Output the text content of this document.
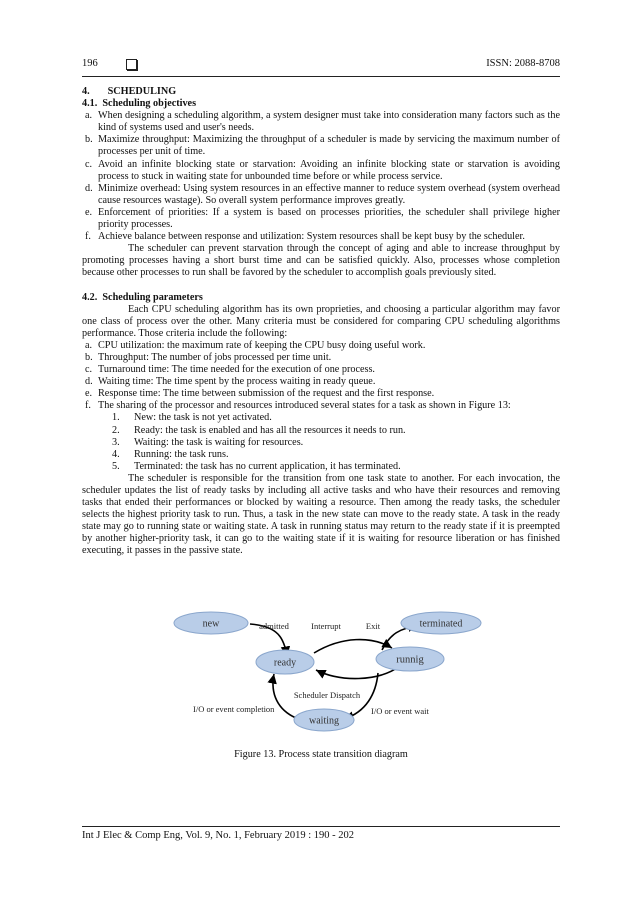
196	ISSN: 2088-8708

4. SCHEDULING

4.1. Scheduling objectives

a. When designing a scheduling algorithm, a system designer must take into consideration many factors such as the kind of systems used and user's needs.

b. Maximize throughput: Maximizing the throughput of a scheduler is made by servicing the maximum number of processes per unit of time.

c. Avoid an infinite blocking state or starvation: Avoiding an infinite blocking state or starvation is avoiding process to stuck in waiting state for unbounded time before or while process service.

d. Minimize overhead: Using system resources in an effective manner to reduce system overhead (system overhead cause resources wastage). So overall system performance improves greatly.

e. Enforcement of priorities: If a system is based on processes priorities, the scheduler shall privilege higher priority processes.

f. Achieve balance between response and utilization: System resources shall be kept busy by the scheduler.

The scheduler can prevent starvation through the concept of aging and able to increase throughput by promoting processes having a short burst time and can be satisfied quickly. Also, processes whose completion because other processes to run shall be favored by the scheduler to accomplish goals previously sited.

4.2. Scheduling parameters

Each CPU scheduling algorithm has its own proprieties, and choosing a particular algorithm may favor one class of process over the other. Many criteria must be considered for comparing CPU scheduling algorithms performance. Those criteria include the following:

a. CPU utilization: the maximum rate of keeping the CPU busy doing useful work.

b. Throughput: The number of jobs processed per time unit.

c. Turnaround time: The time needed for the execution of one process.

d. Waiting time: The time spent by the process waiting in ready queue.

e. Response time: The time between submission of the request and the first response.

f. The sharing of the processor and resources introduced several states for a task as shown in Figure 13:

1. New: the task is not yet activated.

2. Ready: the task is enabled and has all the resources it needs to run.

3. Waiting: the task is waiting for resources.

4. Running: the task runs.

5. Terminated: the task has no current application, it has terminated.

The scheduler is responsible for the transition from one task state to another. For each invocation, the scheduler updates the list of ready tasks by including all active tasks and who have their resources and removing tasks that ended their performances or blocked by waiting a resource. Then among the ready tasks, the scheduler selects the highest priority task to run. Thus, a task in the new state can move to the ready state. A task in the ready state may go to running state or waiting state. A task in running status may return to the ready state if it is preempted by another higher-priority task, it can go to the waiting state if it is waiting for resource liberation or has finished executing, it passes in the passive state.

new	terminated
ready	runnig
waiting
admitted	Interrupt	Exit
Scheduler Dispatch
I/O or event completion	I/O or event wait
Figure 13. Process state transition diagram
Int J Elec & Comp Eng, Vol. 9, No. 1, February 2019 : 190 - 202
